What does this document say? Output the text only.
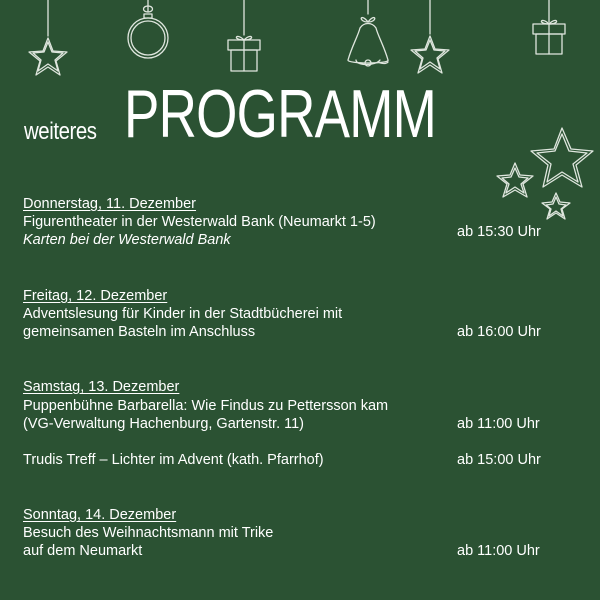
weiteres PROGRAMM
Donnerstag, 11. Dezember
Figurentheater in der Westerwald Bank (Neumarkt 1-5)
Karten bei der Westerwald Bank	ab 15:30 Uhr
Freitag, 12. Dezember
Adventslesung für Kinder in der Stadtbücherei mit
gemeinsamen Basteln im Anschluss	ab 16:00 Uhr
Samstag, 13. Dezember
Puppenbühne Barbarella: Wie Findus zu Pettersson kam
(VG-Verwaltung Hachenburg, Gartenstr. 11)	ab 11:00 Uhr
Trudis Treff – Lichter im Advent (kath. Pfarrhof)	ab 15:00 Uhr
Sonntag, 14. Dezember
Besuch des Weihnachtsmann mit Trike
auf dem Neumarkt	ab 11:00 Uhr
